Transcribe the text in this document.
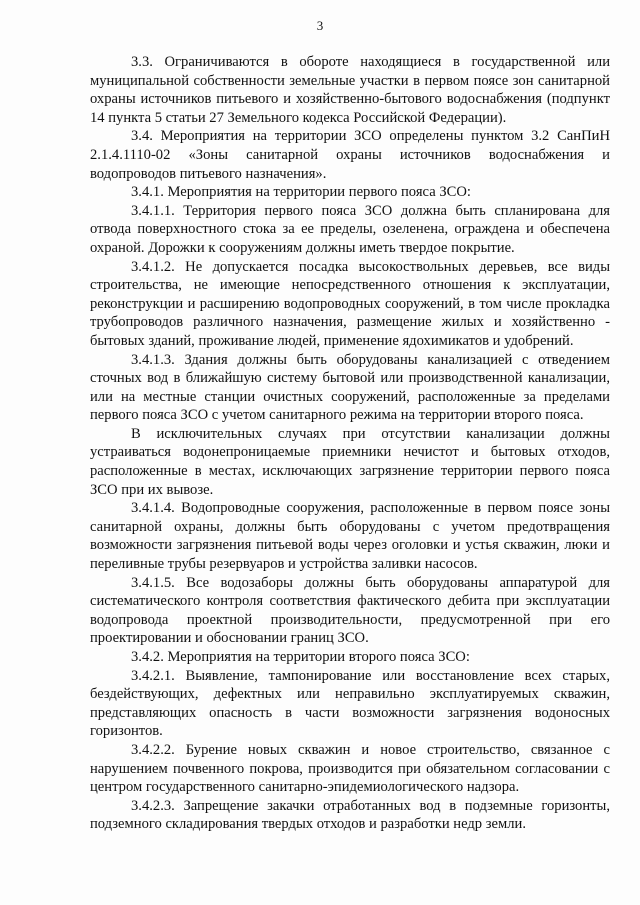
3

3.3. Ограничиваются в обороте находящиеся в государственной или муниципальной собственности земельные участки в первом поясе зон санитарной охраны источников питьевого и хозяйственно-бытового водоснабжения (подпункт 14 пункта 5 статьи 27 Земельного кодекса Российской Федерации).

3.4. Мероприятия на территории ЗСО определены пунктом 3.2 СанПиН 2.1.4.1110-02 «Зоны санитарной охраны источников водоснабжения и водопроводов питьевого назначения».

3.4.1. Мероприятия на территории первого пояса ЗСО:

3.4.1.1. Территория первого пояса ЗСО должна быть спланирована для отвода поверхностного стока за ее пределы, озеленена, ограждена и обеспечена охраной. Дорожки к сооружениям должны иметь твердое покрытие.

3.4.1.2. Не допускается посадка высокоствольных деревьев, все виды строительства, не имеющие непосредственного отношения к эксплуатации, реконструкции и расширению водопроводных сооружений, в том числе прокладка трубопроводов различного назначения, размещение жилых и хозяйственно - бытовых зданий, проживание людей, применение ядохимикатов и удобрений.

3.4.1.3. Здания должны быть оборудованы канализацией с отведением сточных вод в ближайшую систему бытовой или производственной канализации, или на местные станции очистных сооружений, расположенные за пределами первого пояса ЗСО с учетом санитарного режима на территории второго пояса.

В исключительных случаях при отсутствии канализации должны устраиваться водонепроницаемые приемники нечистот и бытовых отходов, расположенные в местах, исключающих загрязнение территории первого пояса ЗСО при их вывозе.

3.4.1.4. Водопроводные сооружения, расположенные в первом поясе зоны санитарной охраны, должны быть оборудованы с учетом предотвращения возможности загрязнения питьевой воды через оголовки и устья скважин, люки и переливные трубы резервуаров и устройства заливки насосов.

3.4.1.5. Все водозаборы должны быть оборудованы аппаратурой для систематического контроля соответствия фактического дебита при эксплуатации водопровода проектной производительности, предусмотренной при его проектировании и обосновании границ ЗСО.

3.4.2. Мероприятия на территории второго пояса ЗСО:

3.4.2.1. Выявление, тампонирование или восстановление всех старых, бездействующих, дефектных или неправильно эксплуатируемых скважин, представляющих опасность в части возможности загрязнения водоносных горизонтов.

3.4.2.2. Бурение новых скважин и новое строительство, связанное с нарушением почвенного покрова, производится при обязательном согласовании с центром государственного санитарно-эпидемиологического надзора.

3.4.2.3. Запрещение закачки отработанных вод в подземные горизонты, подземного складирования твердых отходов и разработки недр земли.
